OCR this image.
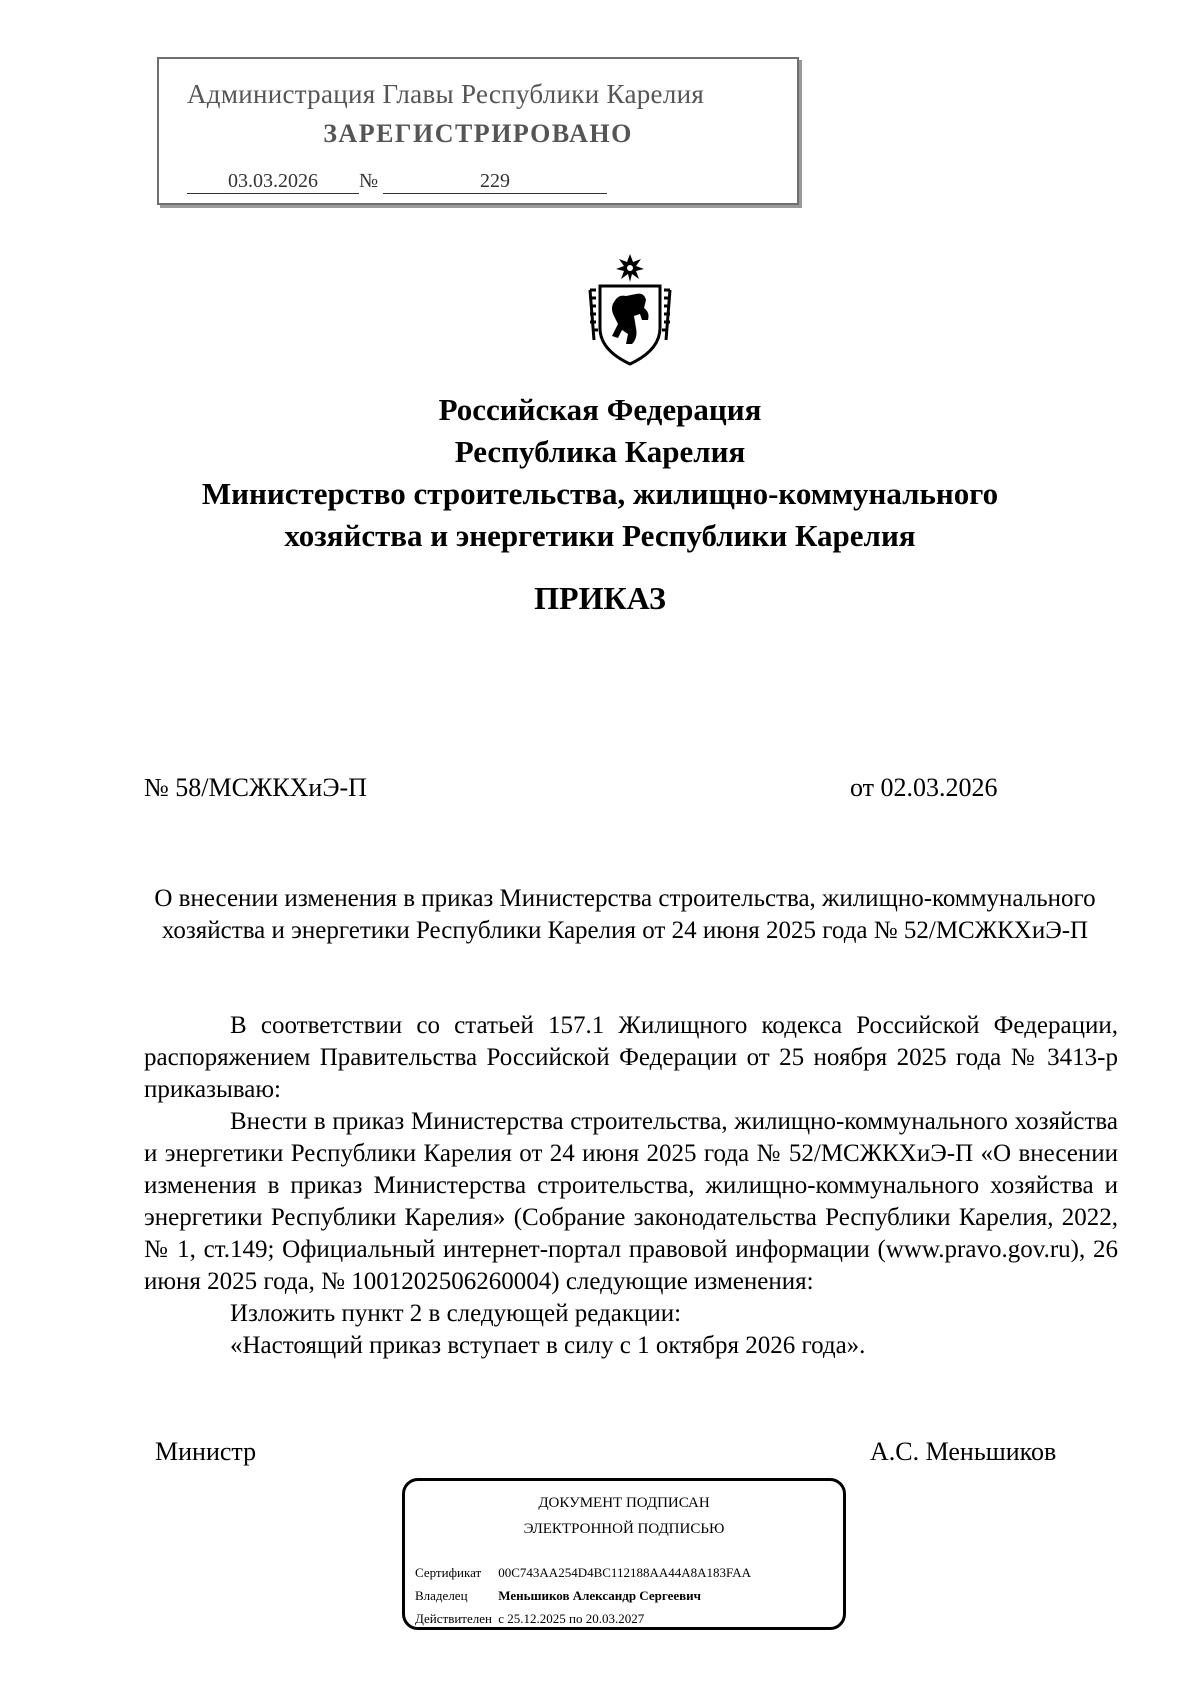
Администрация Главы Республики Карелия
ЗАРЕГИСТРИРОВАНО
03.03.2026	№	229
Российская Федерация
Республика Карелия
Министерство строительства, жилищно-коммунального
хозяйства и энергетики Республики Карелия
ПРИКАЗ
№ 58/МСЖКХиЭ-П	от 02.03.2026
О внесении изменения в приказ Министерства строительства, жилищно-коммунального хозяйства и энергетики Республики Карелия от 24 июня 2025 года № 52/МСЖКХиЭ-П

В соответствии со статьей 157.1 Жилищного кодекса Российской Федерации, распоряжением Правительства Российской Федерации от 25 ноября 2025 года № 3413-р приказываю:

Внести в приказ Министерства строительства, жилищно-коммунального хозяйства и энергетики Республики Карелия от 24 июня 2025 года № 52/МСЖКХиЭ-П «О внесении изменения в приказ Министерства строительства, жилищно-коммунального хозяйства и энергетики Республики Карелия» (Собрание законодательства Республики Карелия, 2022, № 1, ст.149; Официальный интернет-портал правовой информации (www.pravo.gov.ru), 26 июня 2025 года, № 1001202506260004) следующие изменения:

Изложить пункт 2 в следующей редакции:

«Настоящий приказ вступает в силу с 1 октября 2026 года».

Министр	А.С. Меньшиков
ДОКУМЕНТ ПОДПИСАН
ЭЛЕКТРОННОЙ ПОДПИСЬЮ
Сертификат 00C743AA254D4BC112188AA44A8A183FAA
Владелец Меньшиков Александр Сергеевич
Действителен с 25.12.2025 по 20.03.2027
